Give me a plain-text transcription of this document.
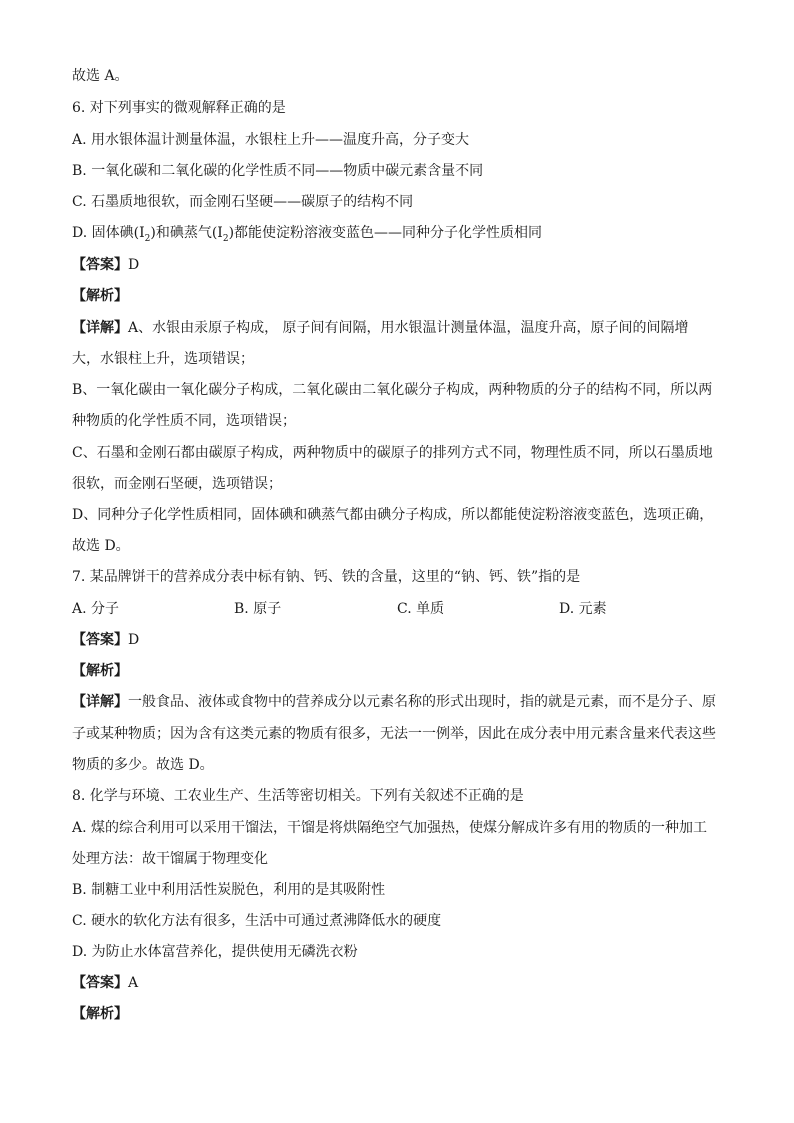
故选 A。
6. 对下列事实的微观解释正确的是
A. 用水银体温计测量体温，水银柱上升——温度升高，分子变大
B. 一氧化碳和二氧化碳的化学性质不同——物质中碳元素含量不同
C. 石墨质地很软，而金刚石坚硬——碳原子的结构不同
D. 固体碘$(I_2)$和碘蒸气$(I_2)$都能使淀粉溶液变蓝色——同种分子化学性质相同
【答案】D
【解析】
【详解】A、水银由汞原子构成， 原子间有间隔，用水银温计测量体温，温度升高，原子间的间隔增
大，水银柱上升，选项错误；
B、一氧化碳由一氧化碳分子构成，二氧化碳由二氧化碳分子构成，两种物质的分子的结构不同，所以两
种物质的化学性质不同，选项错误；
C、石墨和金刚石都由碳原子构成，两种物质中的碳原子的排列方式不同，物理性质不同，所以石墨质地
很软，而金刚石坚硬，选项错误；
D、同种分子化学性质相同，固体碘和碘蒸气都由碘分子构成，所以都能使淀粉溶液变蓝色，选项正确，
故选 D。
7. 某品牌饼干的营养成分表中标有钠、钙、铁的含量，这里的“钠、钙、铁”指的是
A. 分子	B. 原子	C. 单质	D. 元素
【答案】D
【解析】
【详解】一般食品、液体或食物中的营养成分以元素名称的形式出现时，指的就是元素，而不是分子、原
子或某种物质；因为含有这类元素的物质有很多，无法一一例举，因此在成分表中用元素含量来代表这些
物质的多少。故选 D。
8. 化学与环境、工农业生产、生活等密切相关。下列有关叙述不正确的是
A. 煤的综合利用可以采用干馏法，干馏是将烘隔绝空气加强热，使煤分解成许多有用的物质的一种加工
处理方法：故干馏属于物理变化
B. 制糖工业中利用活性炭脱色，利用的是其吸附性
C. 硬水的软化方法有很多，生活中可通过煮沸降低水的硬度
D. 为防止水体富营养化，提供使用无磷洗衣粉
【答案】A
【解析】
